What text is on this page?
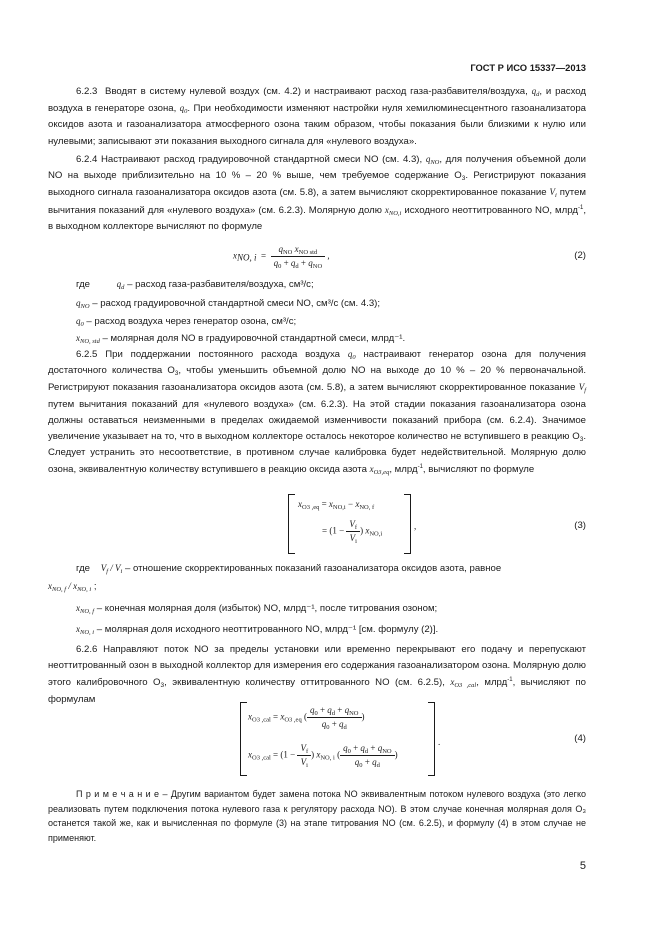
ГОСТ Р ИСО 15337—2013

6.2.3  Вводят в систему нулевой воздух (см. 4.2) и настраивают расход газа-разбавителя/воздуха, $q_d$, и расход воздуха в генераторе озона, $q_0$. При необходимости изменяют настройки нуля хемилюминесцентного газоанализатора оксидов азота и газоанализатора атмосферного озона таким образом, чтобы показания были близкими к нулю или нулевыми; записывают эти показания выходного сигнала для «нулевого воздуха».

6.2.4 Настраивают расход градуировочной стандартной смеси NO (см. 4.3), $q_{NO}$, для получения объемной доли NO на выходе приблизительно на 10 % – 20 % выше, чем требуемое содержание $O_3$. Регистрируют показания выходного сигнала газоанализатора оксидов азота (см. 5.8), а затем вычисляют скорректированное показание $V_i$ путем вычитания показаний для «нулевого воздуха» (см. 6.2.3). Молярную долю $x_{NO,i}$ исходного неоттитрованного NO, млрд$^{-1}$, в выходном коллекторе вычисляют по формуле

$x_{NO, i} = \frac{q_{NO} x_{NO std}}{q_0 + q_d + q_{NO}}$ ,	(2)
где	$q_d$ – расход газа-разбавителя/воздуха, см³/с;
$q_{NO}$ – расход градуировочной стандартной смеси NO, см³/с (см. 4.3);
$q_0$ – расход воздуха через генератор озона, см³/с;
$x_{NO, std}$ – молярная доля NO в градуировочной стандартной смеси, млрд⁻¹.

6.2.5 При поддержании постоянного расхода воздуха $q_0$ настраивают генератор озона для получения достаточного количества $O_3$, чтобы уменьшить объемной долю NO на выходе до 10 % – 20 % первоначальной. Регистрируют показания газоанализатора оксидов азота (см. 5.8), а затем вычисляют скорректированное показание $V_f$ путем вычитания показаний для «нулевого воздуха» (см. 6.2.3). На этой стадии показания газоанализатора озона должны оставаться неизменными в пределах ожидаемой изменчивости показаний прибора (см. 6.2.4). Значимое увеличение указывает на то, что в выходном коллекторе осталось некоторое количество не вступившего в реакцию $O_3$. Следует устранить это несоответствие, в противном случае калибровка будет недействительной. Молярную долю озона, эквивалентную количеству вступившего в реакцию оксида азота $x_{O3,eq}$, млрд$^{-1}$, вычисляют по формуле

$x_{O3 ,eq} = x_{NO,i} - x_{NO, f}$
= ($1 - \frac{V_f}{V_i}$ ) $x_{NO,i}$
,	(3)
где $V_f / V_i$ – отношение скорректированных показаний газоанализатора оксидов азота, равное
$x_{NO, f} / x_{NO, i}$ ;
$x_{NO, f}$ – конечная молярная доля (избыток) NO, млрд⁻¹, после титрования озоном;
$x_{NO, i}$ – молярная доля исходного неоттитрованного NO, млрд⁻¹ [см. формулу (2)].

6.2.6 Направляют поток NO за пределы установки или временно перекрывают его подачу и перепускают неоттитрованный озон в выходной коллектор для измерения его содержания газоанализатором озона. Молярную долю этого калибровочного $O_3$, эквивалентную количеству оттитрованного NO (см. 6.2.5), $x_{O3 ,cal}$, млрд$^{-1}$, вычисляют по формулам

$x_{O3 ,cal} = x_{O3 ,eq}$ ( $\frac{q_0 + q_d + q_{NO}}{q_0 + q_d}$ )
$x_{O3 ,cal} = (1 - \frac{V_f}{V_i}$ ) $x_{NO, i}$ ( $\frac{q_0 + q_d + q_{NO}}{q_0 + q_d}$ )
.	(4)
П р и м е ч а н и е – Другим вариантом будет замена потока NO эквивалентным потоком нулевого воздуха (это легко реализовать путем подключения потока нулевого газа к регулятору расхода NO). В этом случае конечная молярная доля O₃ останется такой же, как и вычисленная по формуле (3) на этапе титрования NO (см. 6.2.5), и формулу (4) в этом случае не применяют.
5
